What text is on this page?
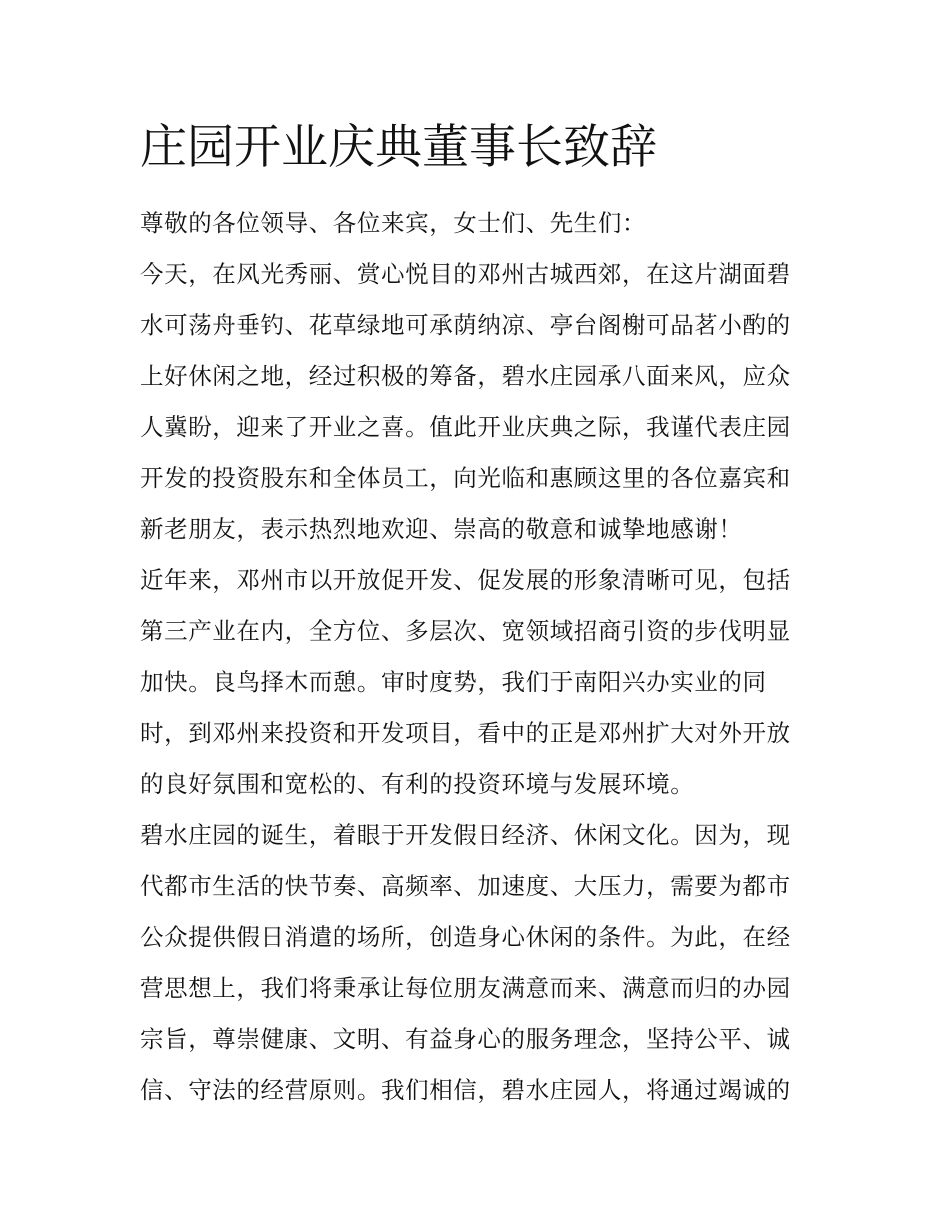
庄园开业庆典董事长致辞
尊敬的各位领导、各位来宾，女士们、先生们：
今天，在风光秀丽、赏心悦目的邓州古城西郊，在这片湖面碧
水可荡舟垂钓、花草绿地可承荫纳凉、亭台阁榭可品茗小酌的
上好休闲之地，经过积极的筹备，碧水庄园承八面来风，应众
人冀盼，迎来了开业之喜。值此开业庆典之际，我谨代表庄园
开发的投资股东和全体员工，向光临和惠顾这里的各位嘉宾和
新老朋友，表示热烈地欢迎、崇高的敬意和诚挚地感谢！
近年来，邓州市以开放促开发、促发展的形象清晰可见，包括
第三产业在内，全方位、多层次、宽领域招商引资的步伐明显
加快。良鸟择木而憩。审时度势，我们于南阳兴办实业的同
时，到邓州来投资和开发项目，看中的正是邓州扩大对外开放
的良好氛围和宽松的、有利的投资环境与发展环境。
碧水庄园的诞生，着眼于开发假日经济、休闲文化。因为，现
代都市生活的快节奏、高频率、加速度、大压力，需要为都市
公众提供假日消遣的场所，创造身心休闲的条件。为此，在经
营思想上，我们将秉承让每位朋友满意而来、满意而归的办园
宗旨，尊崇健康、文明、有益身心的服务理念，坚持公平、诚
信、守法的经营原则。我们相信，碧水庄园人，将通过竭诚的
